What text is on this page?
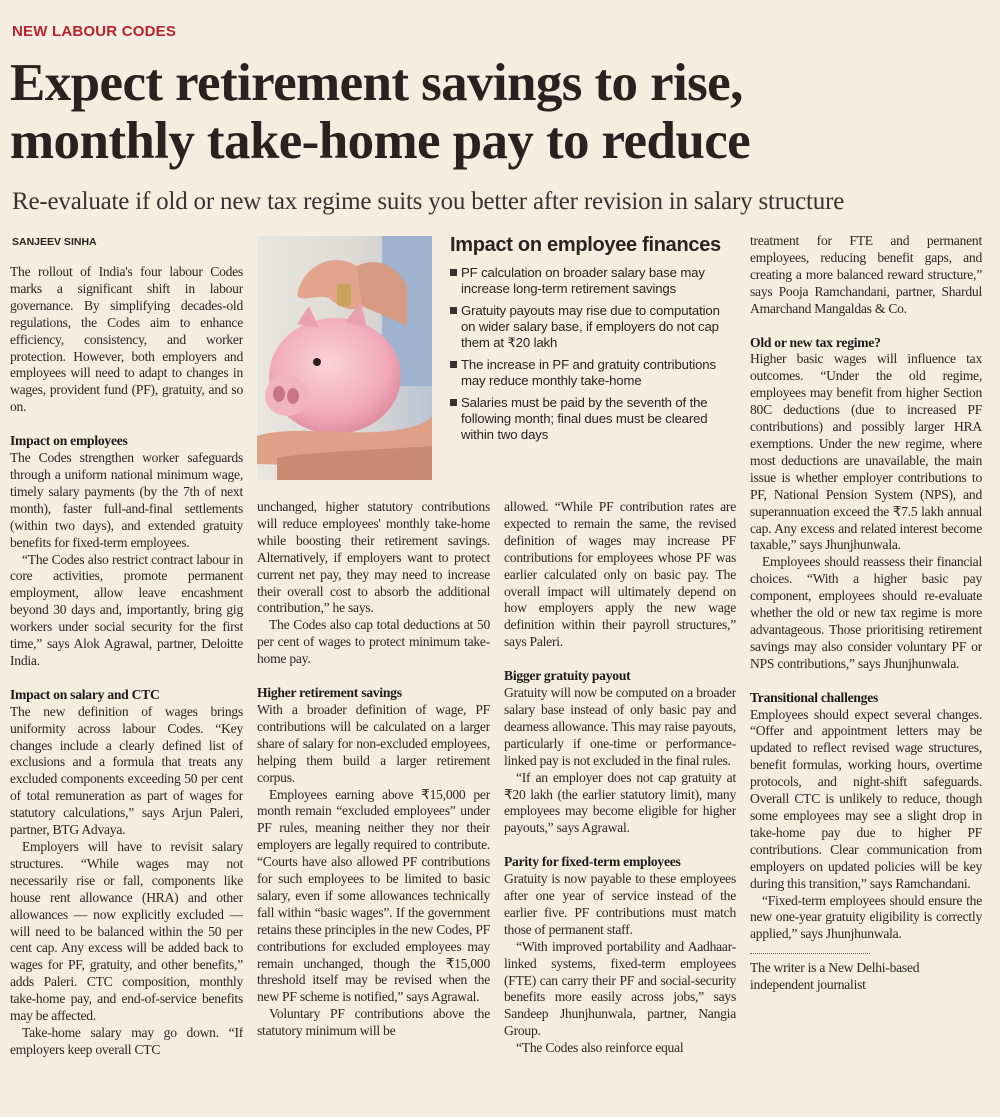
NEW LABOUR CODES
Expect retirement savings to rise,
monthly take-home pay to reduce
Re-evaluate if old or new tax regime suits you better after revision in salary structure
SANJEEV SINHA

The rollout of India's four labour Codes marks a significant shift in labour governance. By simplifying decades-old regulations, the Codes aim to enhance efficiency, consistency, and worker protection. However, both employers and employees will need to adapt to changes in wages, provident fund (PF), gratuity, and so on.

Impact on employees

The Codes strengthen worker safeguards through a uniform national minimum wage, timely salary payments (by the 7th of next month), faster full-and-final settlements (within two days), and extended gratuity benefits for fixed-term employees.

“The Codes also restrict contract labour in core activities, promote permanent employment, allow leave encashment beyond 30 days and, importantly, bring gig workers under social security for the first time,” says Alok Agrawal, partner, Deloitte India.

Impact on salary and CTC

The new definition of wages brings uniformity across labour Codes. “Key changes include a clearly defined list of exclusions and a formula that treats any excluded components exceeding 50 per cent of total remuneration as part of wages for statutory calculations,” says Arjun Paleri, partner, BTG Advaya.

Employers will have to revisit salary structures. “While wages may not necessarily rise or fall, components like house rent allowance (HRA) and other allowances — now explicitly excluded — will need to be balanced within the 50 per cent cap. Any excess will be added back to wages for PF, gratuity, and other benefits,” adds Paleri. CTC composition, monthly take-home pay, and end-of-service benefits may be affected.

Take-home salary may go down. “If employers keep overall CTC

Impact on employee finances
PF calculation on broader salary base may increase long-term retirement savings
Gratuity payouts may rise due to computation on wider salary base, if employers do not cap them at ₹20 lakh
The increase in PF and gratuity contributions may reduce monthly take-home
Salaries must be paid by the seventh of the following month; final dues must be cleared within two days

unchanged, higher statutory contributions will reduce employees' monthly take-home while boosting their retirement savings. Alternatively, if employers want to protect current net pay, they may need to increase their overall cost to absorb the additional contribution,” he says.

The Codes also cap total deductions at 50 per cent of wages to protect minimum take-home pay.

Higher retirement savings

With a broader definition of wage, PF contributions will be calculated on a larger share of salary for non-excluded employees, helping them build a larger retirement corpus.

Employees earning above ₹15,000 per month remain “excluded employees” under PF rules, meaning neither they nor their employers are legally required to contribute. “Courts have also allowed PF contributions for such employees to be limited to basic salary, even if some allowances technically fall within “basic wages”. If the government retains these principles in the new Codes, PF contributions for excluded employees may remain unchanged, though the ₹15,000 threshold itself may be revised when the new PF scheme is notified,” says Agrawal.

Voluntary PF contributions above the statutory minimum will be

allowed. “While PF contribution rates are expected to remain the same, the revised definition of wages may increase PF contributions for employees whose PF was earlier calculated only on basic pay. The overall impact will ultimately depend on how employers apply the new wage definition within their payroll structures,” says Paleri.

Bigger gratuity payout

Gratuity will now be computed on a broader salary base instead of only basic pay and dearness allowance. This may raise payouts, particularly if one-time or performance-linked pay is not excluded in the final rules.

“If an employer does not cap gratuity at ₹20 lakh (the earlier statutory limit), many employees may become eligible for higher payouts,” says Agrawal.

Parity for fixed-term employees

Gratuity is now payable to these employees after one year of service instead of the earlier five. PF contributions must match those of permanent staff.

“With improved portability and Aadhaar-linked systems, fixed-term employees (FTE) can carry their PF and social-security benefits more easily across jobs,” says Sandeep Jhunjhunwala, partner, Nangia Group.

“The Codes also reinforce equal

treatment for FTE and permanent employees, reducing benefit gaps, and creating a more balanced reward structure,” says Pooja Ramchandani, partner, Shardul Amarchand Mangaldas & Co.

Old or new tax regime?

Higher basic wages will influence tax outcomes. “Under the old regime, employees may benefit from higher Section 80C deductions (due to increased PF contributions) and possibly larger HRA exemptions. Under the new regime, where most deductions are unavailable, the main issue is whether employer contributions to PF, National Pension System (NPS), and superannuation exceed the ₹7.5 lakh annual cap. Any excess and related interest become taxable,” says Jhunjhunwala.

Employees should reassess their financial choices. “With a higher basic pay component, employees should re-evaluate whether the old or new tax regime is more advantageous. Those prioritising retirement savings may also consider voluntary PF or NPS contributions,” says Jhunjhunwala.

Transitional challenges

Employees should expect several changes. “Offer and appointment letters may be updated to reflect revised wage structures, benefit formulas, working hours, overtime protocols, and night-shift safeguards. Overall CTC is unlikely to reduce, though some employees may see a slight drop in take-home pay due to higher PF contributions. Clear communication from employers on updated policies will be key during this transition,” says Ramchandani.

“Fixed-term employees should ensure the new one-year gratuity eligibility is correctly applied,” says Jhunjhunwala.

The writer is a New Delhi-based independent journalist
